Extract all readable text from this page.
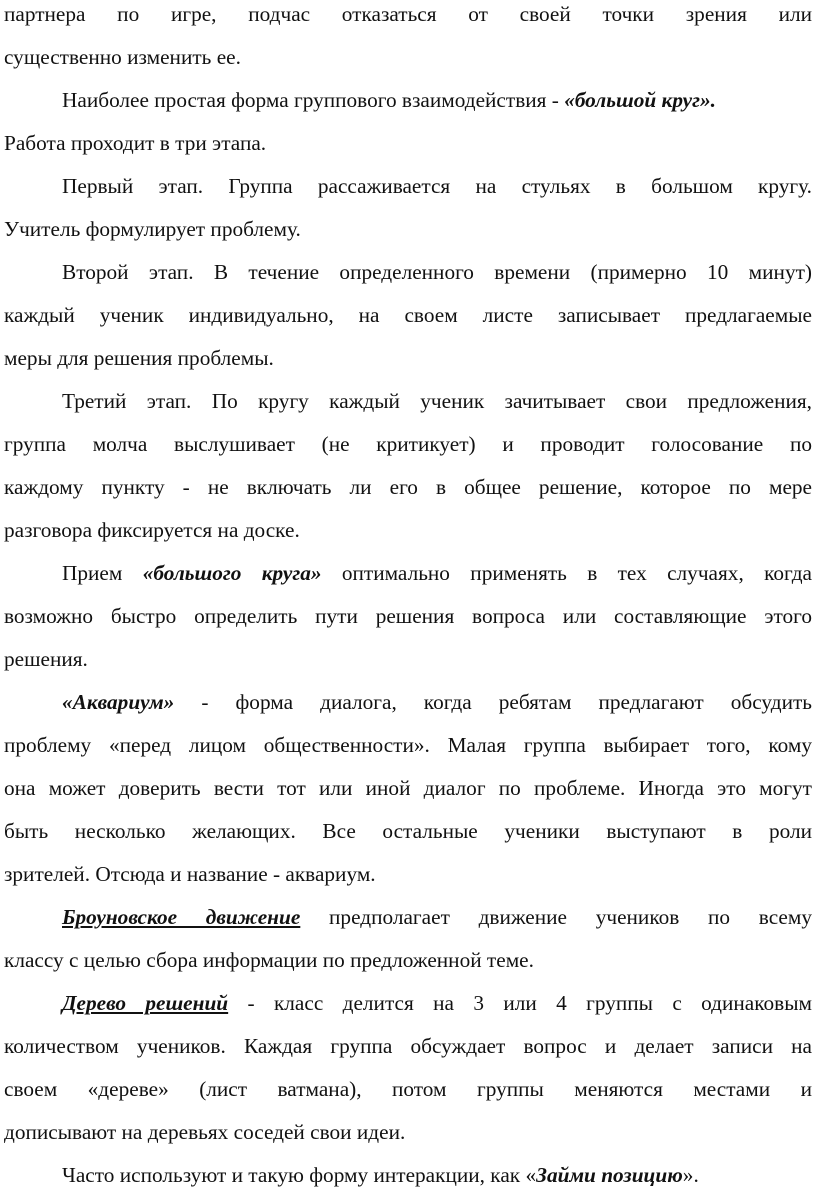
партнера по игре, подчас отказаться от своей точки зрения или
существенно изменить ее.
Наиболее простая форма группового взаимодействия - «большой круг».
Работа проходит в три этапа.
Первый этап. Группа рассаживается на стульях в большом кругу.
Учитель формулирует проблему.
Второй этап. В течение определенного времени (примерно 10 минут)
каждый ученик индивидуально, на своем листе записывает предлагаемые
меры для решения проблемы.
Третий этап. По кругу каждый ученик зачитывает свои предложения,
группа молча выслушивает (не критикует) и проводит голосование по
каждому пункту - не включать ли его в общее решение, которое по мере
разговора фиксируется на доске.
Прием «большого круга» оптимально применять в тех случаях, когда
возможно быстро определить пути решения вопроса или составляющие этого
решения.
«Аквариум» - форма диалога, когда ребятам предлагают обсудить
проблему «перед лицом общественности». Малая группа выбирает того, кому
она может доверить вести тот или иной диалог по проблеме. Иногда это могут
быть несколько желающих. Все остальные ученики выступают в роли
зрителей. Отсюда и название - аквариум.
Броуновское движение предполагает движение учеников по всему
классу с целью сбора информации по предложенной теме.
Дерево решений - класс делится на 3 или 4 группы с одинаковым
количеством учеников. Каждая группа обсуждает вопрос и делает записи на
своем «дереве» (лист ватмана), потом группы меняются местами и
дописывают на деревьях соседей свои идеи.
Часто используют и такую форму интеракции, как «Займи позицию».
